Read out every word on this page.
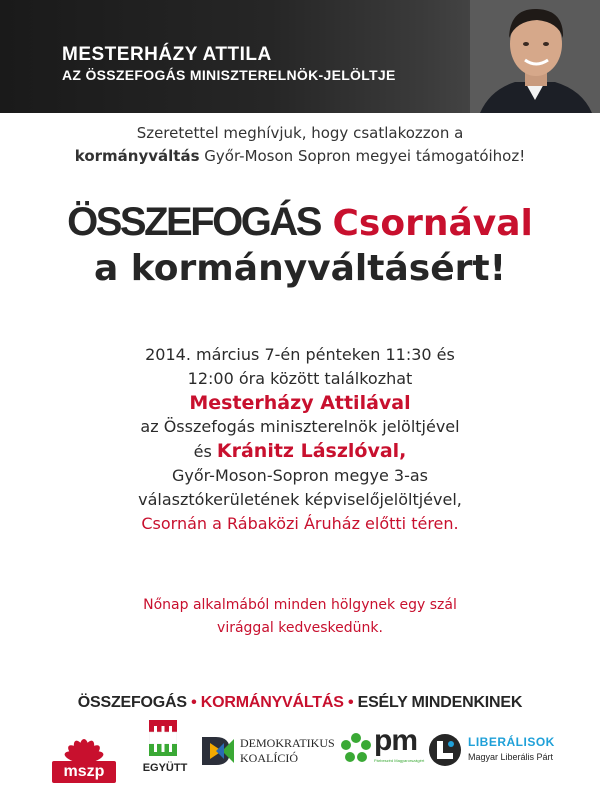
MESTERHÁZY ATTILA
AZ ÖSSZEFOGÁS MINISZTERELNÖK-JELÖLTJE
Szeretettel meghívjuk, hogy csatlakozzon a
kormányváltás Győr-Moson Sopron megyei támogatóihoz!
ÖSSZEFOGÁS Csornával
a kormányváltásért!
2014. március 7-én pénteken 11:30 és
12:00 óra között találkozhat
Mesterházy Attilával
az Összefogás miniszterelnök jelöltjével
és Kránitz Lászlóval,
Győr-Moson-Sopron megye 3-as
választókerületének képviselőjelöltjével,
Csornán a Rábaközi Áruház előtti téren.
Nőnap alkalmából minden hölgynek egy szál
virággal kedveskedünk.
ÖSSZEFOGÁS • KORMÁNYVÁLTÁS • ESÉLY MINDENKINEK
mszp	EGYÜTT
DEMOKRATIKUS
KOALÍCIÓ
pm
Párbeszéd Magyarországért
LIBERÁLISOK
Magyar Liberális Párt
